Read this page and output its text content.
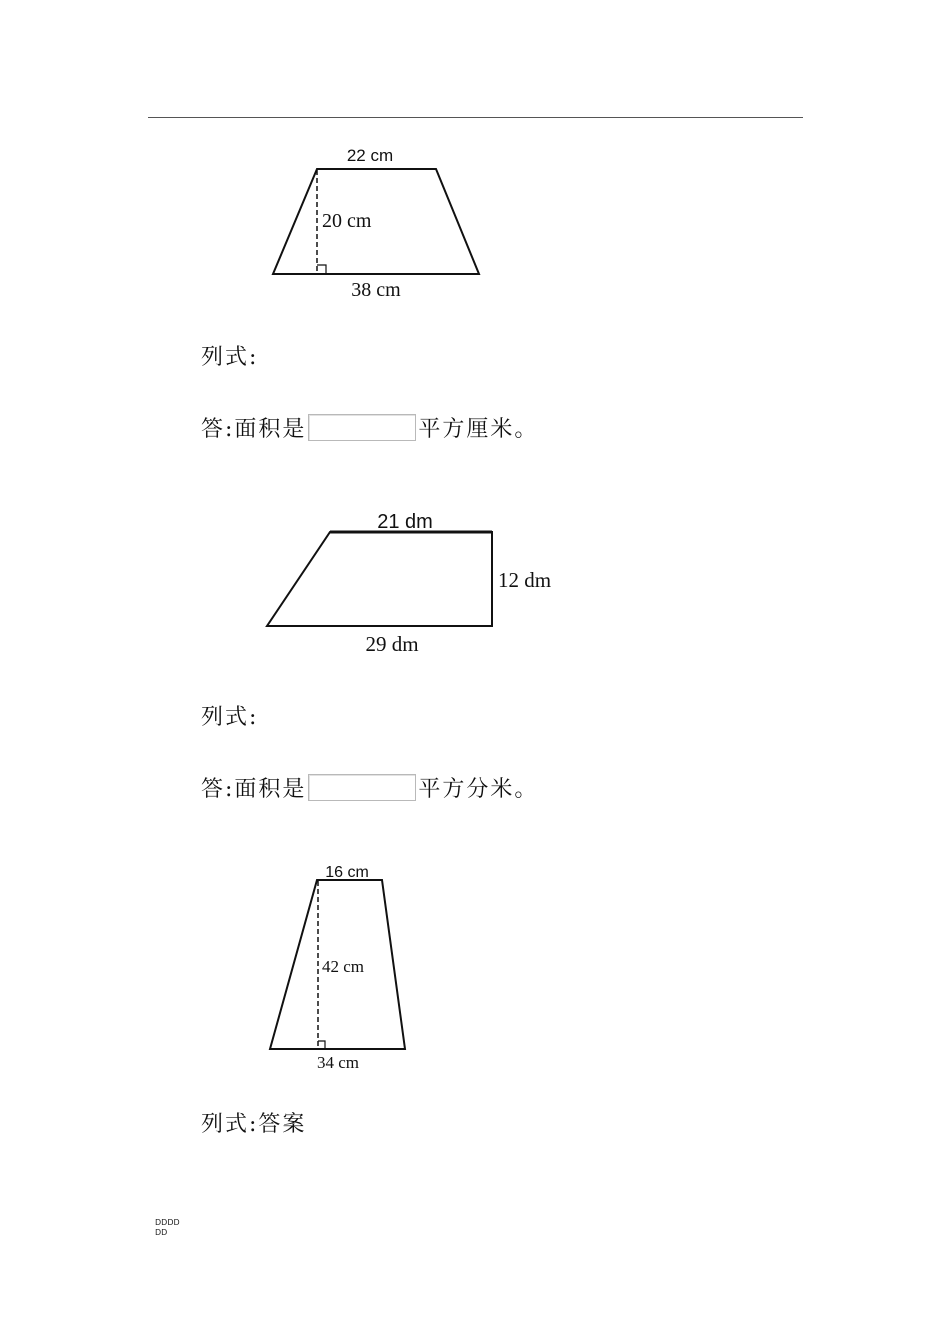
22 cm
20 cm
38 cm
列式:
答:面积是	平方厘米。
21 dm
12 dm
29 dm
列式:
答:面积是	平方分米。
16 cm
42 cm
34 cm
列式:答案
DDDD
DD
